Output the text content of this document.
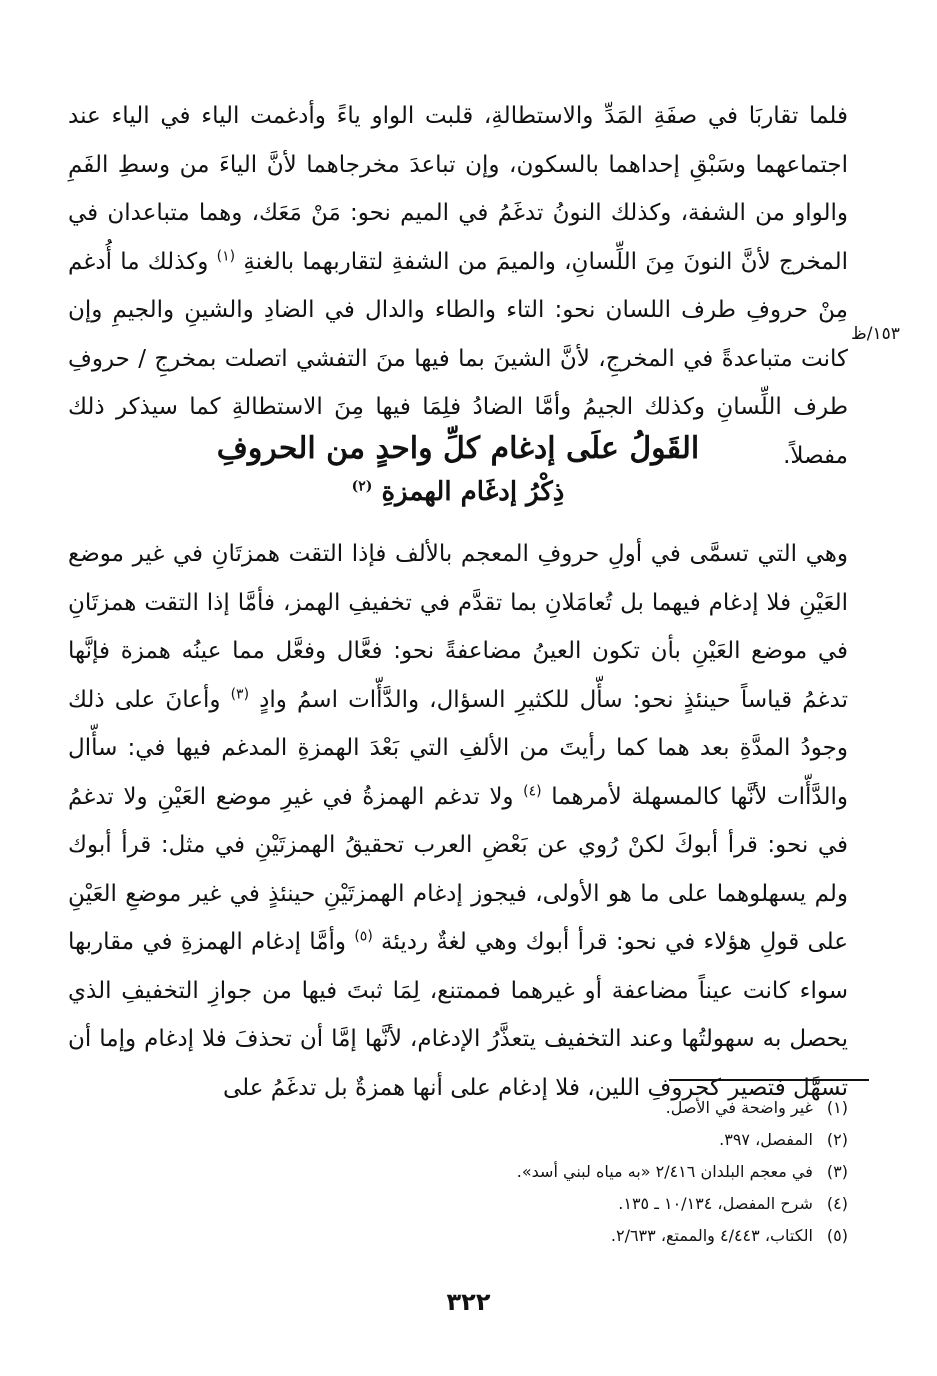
فلما تقاربَا في صفَةِ المَدِّ والاستطالةِ، قلبت الواو ياءً وأدغمت الياء في الياء عند اجتماعهما وسَبْقِ إحداهما بالسكون، وإن تباعدَ مخرجاهما لأنَّ الياءَ من وسطِ الفَمِ والواو من الشفة، وكذلك النونُ تدغَمُ في الميم نحو: مَنْ مَعَك، وهما متباعدان في المخرج لأنَّ النونَ مِنَ اللِّسانِ، والميمَ من الشفةِ لتقاربهما بالغنةِ $^{(١)}$ وكذلك ما أُدغم مِنْ حروفِ طرف اللسان نحو: التاء والطاء والدال في الضادِ والشينِ والجيمِ وإن كانت متباعدةً في المخرجِ، لأنَّ الشينَ بما فيها منَ التفشي اتصلت بمخرجِ / حروفِ طرف اللِّسانِ وكذلك الجيمُ وأمَّا الضادُ فلِمَا فيها مِنَ الاستطالةِ كما سيذكر ذلك مفصلاً.

١٥٣/ظ

القَولُ علَى إدغام كلِّ واحدٍ من الحروفِ

ذِكْرُ إدغَام الهمزةِ $^{(٢)}$

وهي التي تسمَّى في أولِ حروفِ المعجم بالألف فإذا التقت همزتَانِ في غير موضع العَيْنِ فلا إدغام فيهما بل تُعامَلانِ بما تقدَّم في تخفيفِ الهمز، فأمَّا إذا التقت همزتَانِ في موضع العَيْنِ بأن تكون العينُ مضاعفةً نحو: فعَّال وفعَّل مما عينُه همزة فإنَّها تدغمُ قياساً حينئذٍ نحو: سأّل للكثيرِ السؤال، والدَّأّات اسمُ وادٍ $^{(٣)}$ وأعانَ على ذلك وجودُ المدَّةِ بعد هما كما رأيتَ من الألفِ التي بَعْدَ الهمزةِ المدغم فيها في: سأّال والدَّأّات لأنَّها كالمسهلة لأمرهما $^{(٤)}$ ولا تدغم الهمزةُ في غيرِ موضع العَيْنِ ولا تدغمُ في نحو: قرأ أبوكَ لكنْ رُوي عن بَعْضِ العرب تحقيقُ الهمزتَيْنِ في مثل: قرأ أبوك ولم يسهلوهما على ما هو الأولى، فيجوز إدغام الهمزتَيْنِ حينئذٍ في غير موضعِ العَيْنِ على قولِ هؤلاء في نحو: قرأ أبوك وهي لغةٌ رديئة $^{(٥)}$ وأمَّا إدغام الهمزةِ في مقاربها سواء كانت عيناً مضاعفة أو غيرهما فممتنع، لِمَا ثبتَ فيها من جوازِ التخفيفِ الذي يحصل به سهولتُها وعند التخفيف يتعذَّرُ الإدغام، لأنَّها إمَّا أن تحذفَ فلا إدغام وإما أن تسهَّل فتصير كحروفِ اللين، فلا إدغام على أنها همزةٌ بل تدغَمُ على

(١) غير واضحة في الأصل.
(٢) المفصل، ٣٩٧.
(٣) في معجم البلدان ٢/٤١٦ «به مياه لبني أسد».
(٤) شرح المفصل، ١٠/١٣٤ ـ ١٣٥.
(٥) الكتاب، ٤/٤٤٣ والممتع، ٢/٦٣٣.
٣٢٢
